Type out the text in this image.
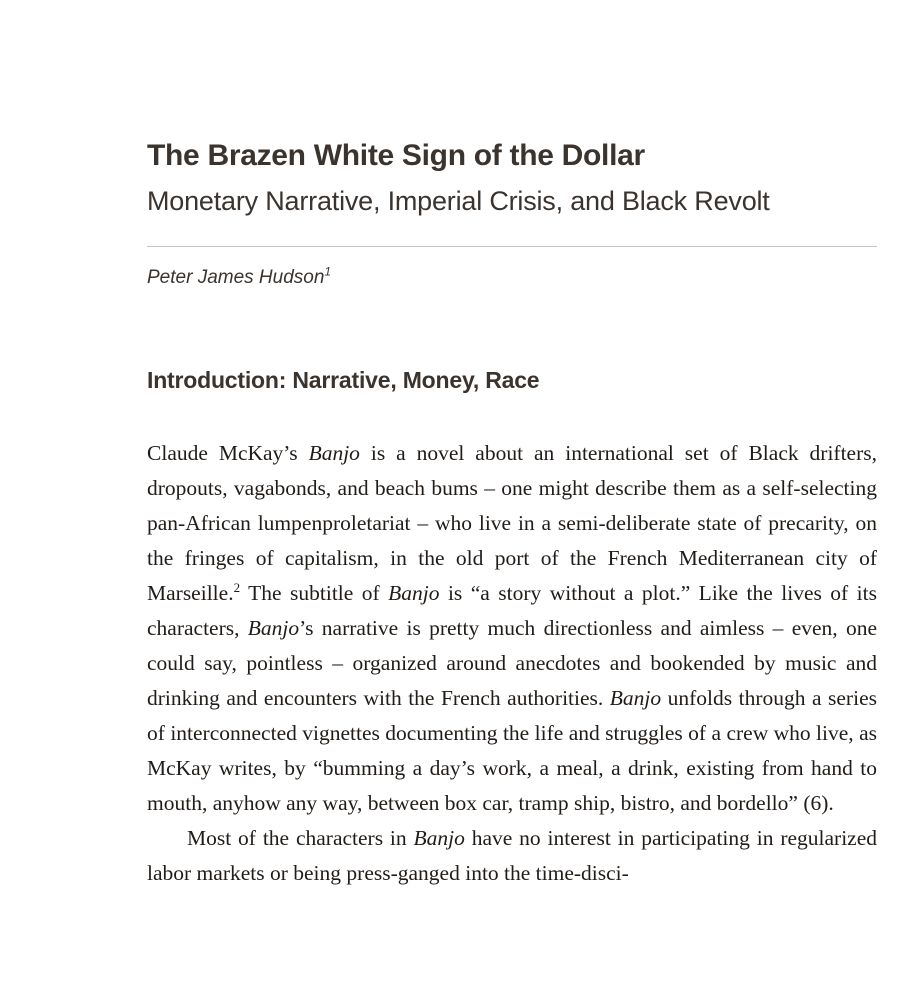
The Brazen White Sign of the Dollar
Monetary Narrative, Imperial Crisis, and Black Revolt

Peter James Hudson$^1$

Introduction: Narrative, Money, Race

Claude McKay’s Banjo is a novel about an international set of Black drifters, dropouts, vagabonds, and beach bums – one might describe them as a self-selecting pan-African lumpenproletariat – who live in a semi-deliberate state of precarity, on the fringes of capitalism, in the old port of the French Mediterranean city of Marseille.$^2$ The subtitle of Banjo is “a story without a plot.” Like the lives of its characters, Banjo’s narrative is pretty much directionless and aimless – even, one could say, pointless – organized around anecdotes and bookended by music and drinking and encounters with the French authorities. Banjo unfolds through a series of interconnected vignettes documenting the life and struggles of a crew who live, as McKay writes, by “bumming a day’s work, a meal, a drink, existing from hand to mouth, anyhow any way, between box car, tramp ship, bistro, and bordello” (6).

Most of the characters in Banjo have no interest in participating in regularized labor markets or being press-ganged into the time-disci-
